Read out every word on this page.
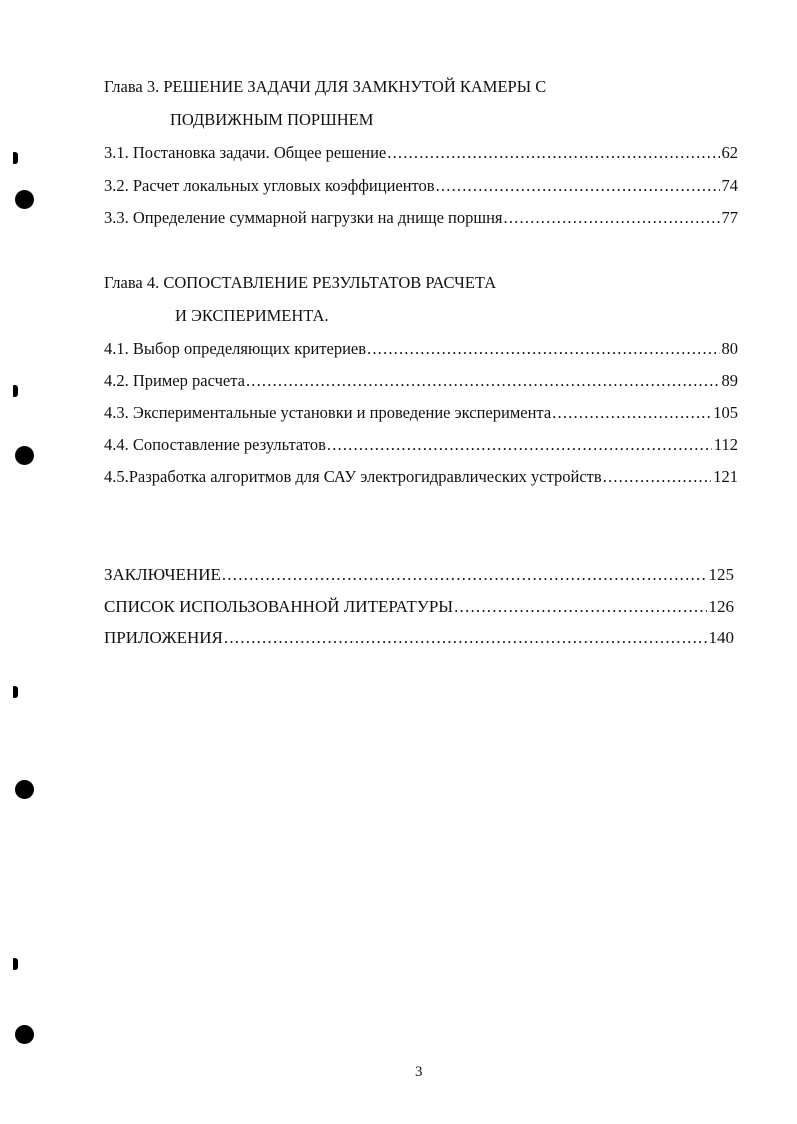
Глава 3. РЕШЕНИЕ ЗАДАЧИ ДЛЯ ЗАМКНУТОЙ КАМЕРЫ С
ПОДВИЖНЫМ ПОРШНЕМ
3.1. Постановка задачи. Общее решение .....	62
3.2. Расчет локальных угловых коэффициентов .....	74
3.3. Определение суммарной нагрузки на днище поршня .....	77
Глава 4. СОПОСТАВЛЕНИЕ РЕЗУЛЬТАТОВ РАСЧЕТА
И ЭКСПЕРИМЕНТА.
4.1. Выбор определяющих критериев .....	80
4.2. Пример расчета .....	89
4.3. Экспериментальные установки и проведение эксперимента .....	105
4.4. Сопоставление результатов .....	112
4.5.Разработка алгоритмов для САУ электрогидравлических устройств .....	121
ЗАКЛЮЧЕНИЕ .....	125
СПИСОК ИСПОЛЬЗОВАННОЙ ЛИТЕРАТУРЫ .....	126
ПРИЛОЖЕНИЯ .....	140
3
